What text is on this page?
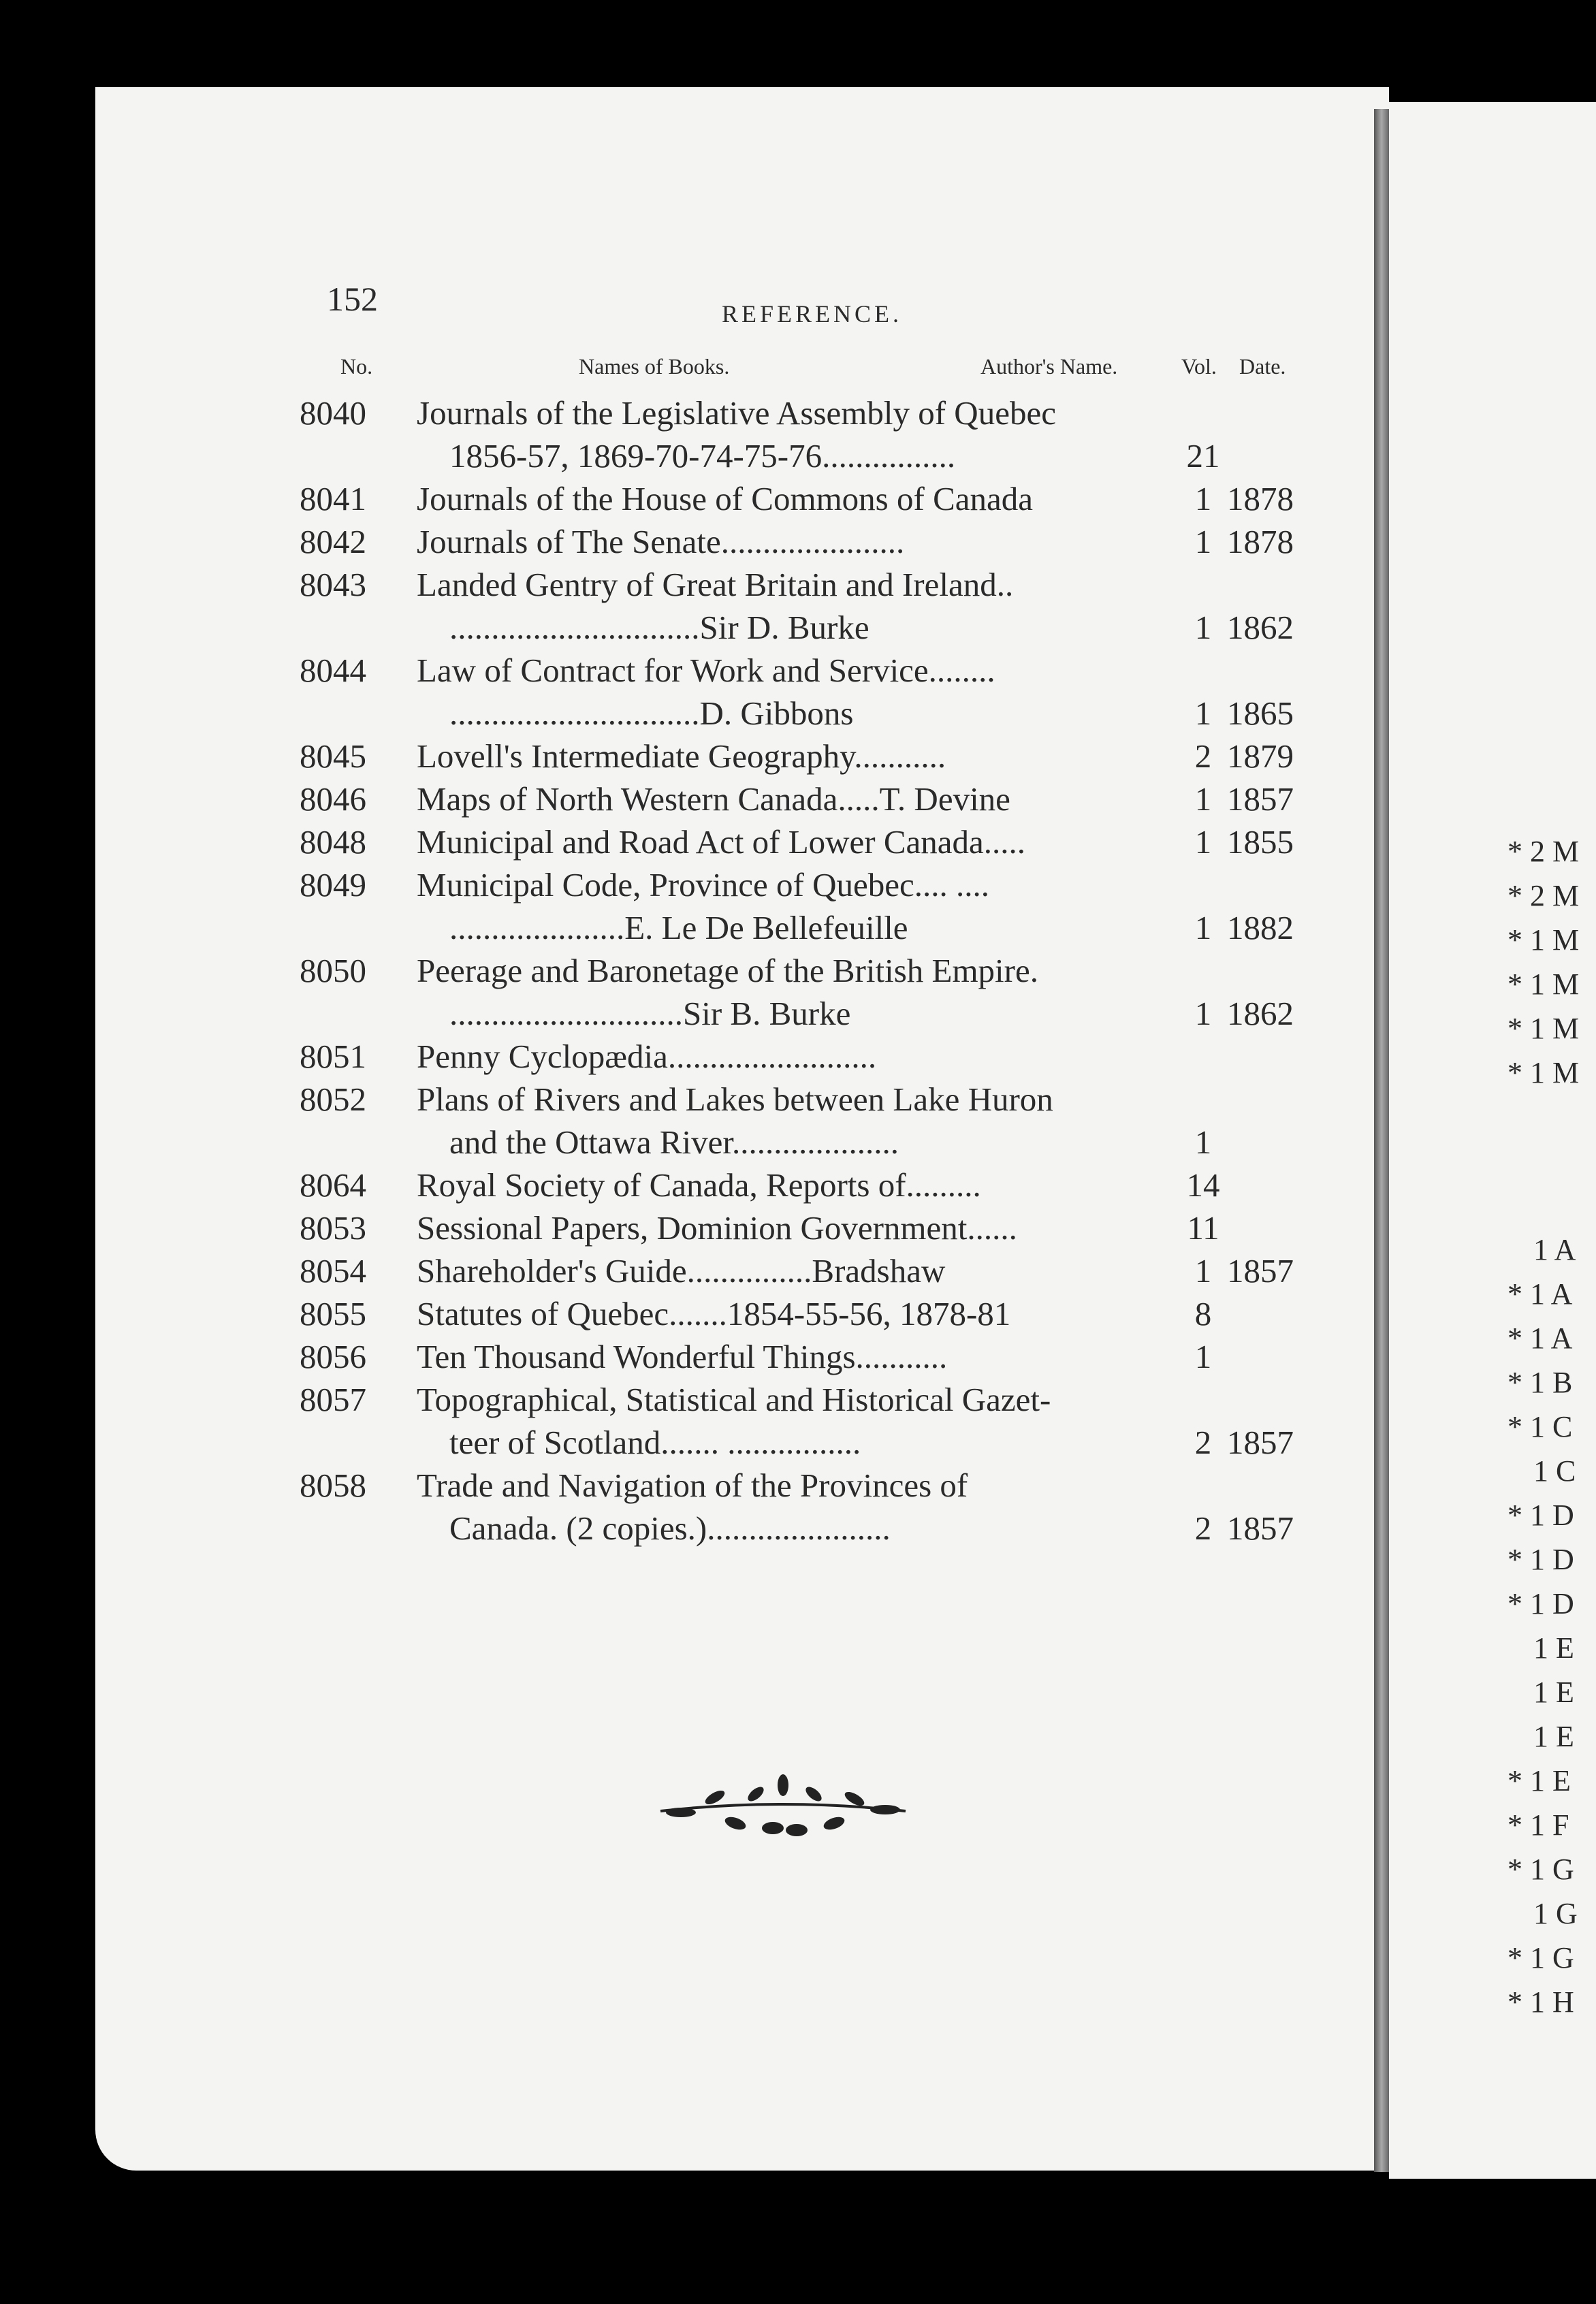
152	REFERENCE.
No.	Names of Books.	Author's Name.	Vol. Date.
8040	Journals of the Legislative Assembly of Quebec
1856-57, 1869-70-74-75-76................	21
8041	Journals of the House of Commons of Canada	1 1878
8042	Journals of The Senate......................	1 1878
8043	Landed Gentry of Great Britain and Ireland..
..............................Sir D. Burke	1 1862
8044	Law of Contract for Work and Service........
..............................D. Gibbons	1 1865
8045	Lovell's Intermediate Geography...........	2 1879
8046	Maps of North Western Canada.....T. Devine	1 1857
8048	Municipal and Road Act of Lower Canada.....	1 1855
8049	Municipal Code, Province of Quebec.... ....
.....................E. Le De Bellefeuille	1 1882
8050	Peerage and Baronetage of the British Empire.
............................Sir B. Burke	1 1862
8051	Penny Cyclopædia.........................
8052	Plans of Rivers and Lakes between Lake Huron
and the Ottawa River....................	1
8064	Royal Society of Canada, Reports of.........	14
8053	Sessional Papers, Dominion Government......	11
8054	Shareholder's Guide...............Bradshaw	1 1857
8055	Statutes of Quebec.......1854-55-56, 1878-81	8
8056	Ten Thousand Wonderful Things...........	1
8057	Topographical, Statistical and Historical Gazet-
teer of Scotland....... ................	2 1857
8058	Trade and Navigation of the Provinces of
Canada. (2 copies.)......................	2 1857
* 2 M
* 2 M
* 1 M
* 1 M
* 1 M
* 1 M
1 A
* 1 A
* 1 A
* 1 B
* 1 C
1 C
* 1 D
* 1 D
* 1 D
1 E
1 E
1 E
* 1 E
* 1 F
* 1 G
1 G
* 1 G
* 1 H
